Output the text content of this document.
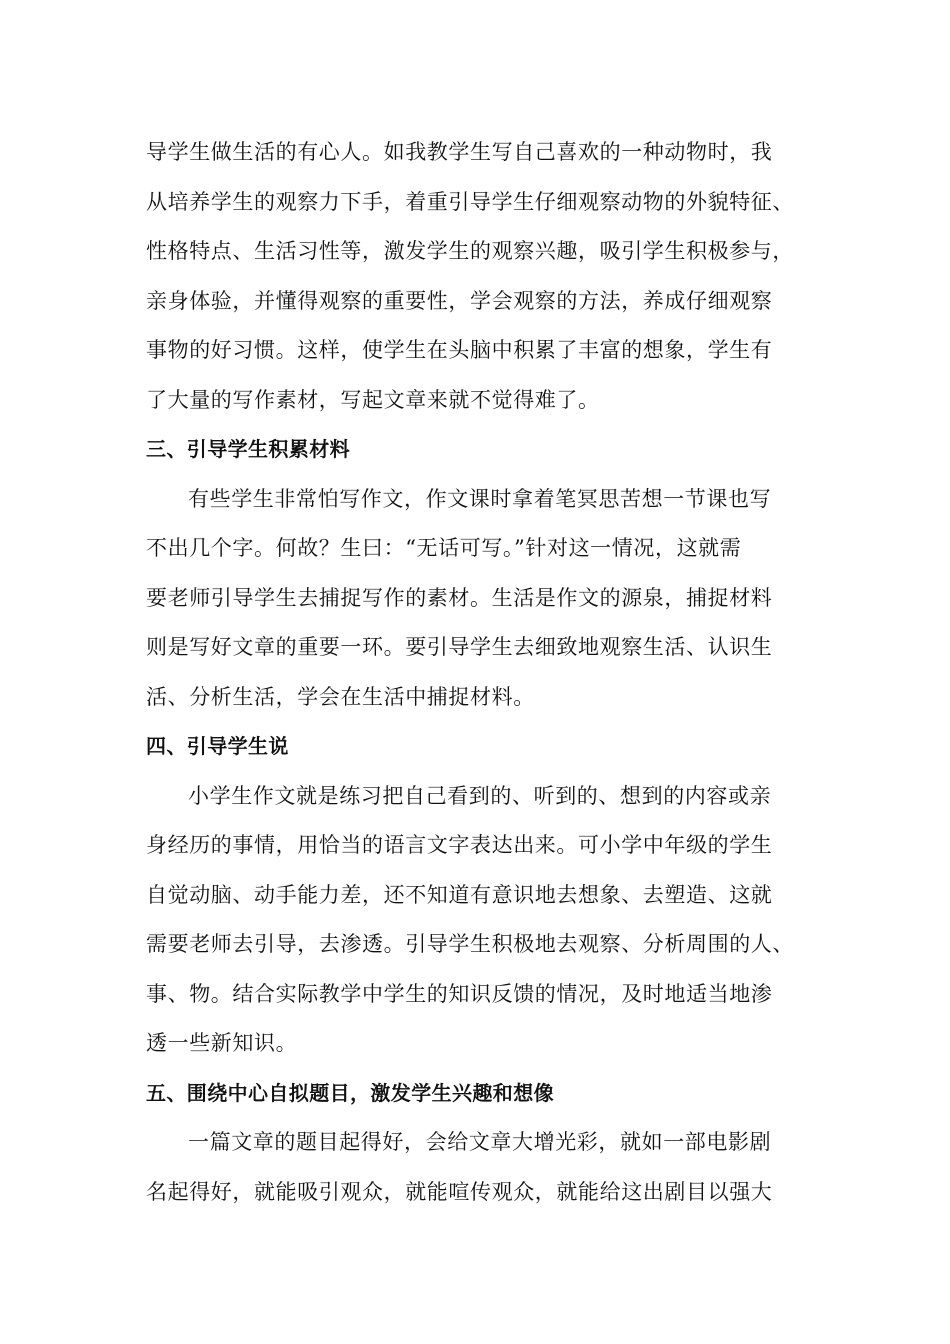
导学生做生活的有心人。如我教学生写自己喜欢的一种动物时，我
从培养学生的观察力下手，着重引导学生仔细观察动物的外貌特征、
性格特点、生活习性等，激发学生的观察兴趣，吸引学生积极参与，
亲身体验，并懂得观察的重要性，学会观察的方法，养成仔细观察
事物的好习惯。这样，使学生在头脑中积累了丰富的想象，学生有
了大量的写作素材，写起文章来就不觉得难了。
三、引导学生积累材料
有些学生非常怕写作文，作文课时拿着笔冥思苦想一节课也写
不出几个字。何故？生曰：“无话可写。”针对这一情况，这就需
要老师引导学生去捕捉写作的素材。生活是作文的源泉，捕捉材料
则是写好文章的重要一环。要引导学生去细致地观察生活、认识生
活、分析生活，学会在生活中捕捉材料。
四、引导学生说
小学生作文就是练习把自己看到的、听到的、想到的内容或亲
身经历的事情，用恰当的语言文字表达出来。可小学中年级的学生
自觉动脑、动手能力差，还不知道有意识地去想象、去塑造、这就
需要老师去引导，去渗透。引导学生积极地去观察、分析周围的人、
事、物。结合实际教学中学生的知识反馈的情况，及时地适当地渗
透一些新知识。
五、围绕中心自拟题目，激发学生兴趣和想像
一篇文章的题目起得好，会给文章大增光彩，就如一部电影剧
名起得好，就能吸引观众，就能喧传观众，就能给这出剧目以强大
